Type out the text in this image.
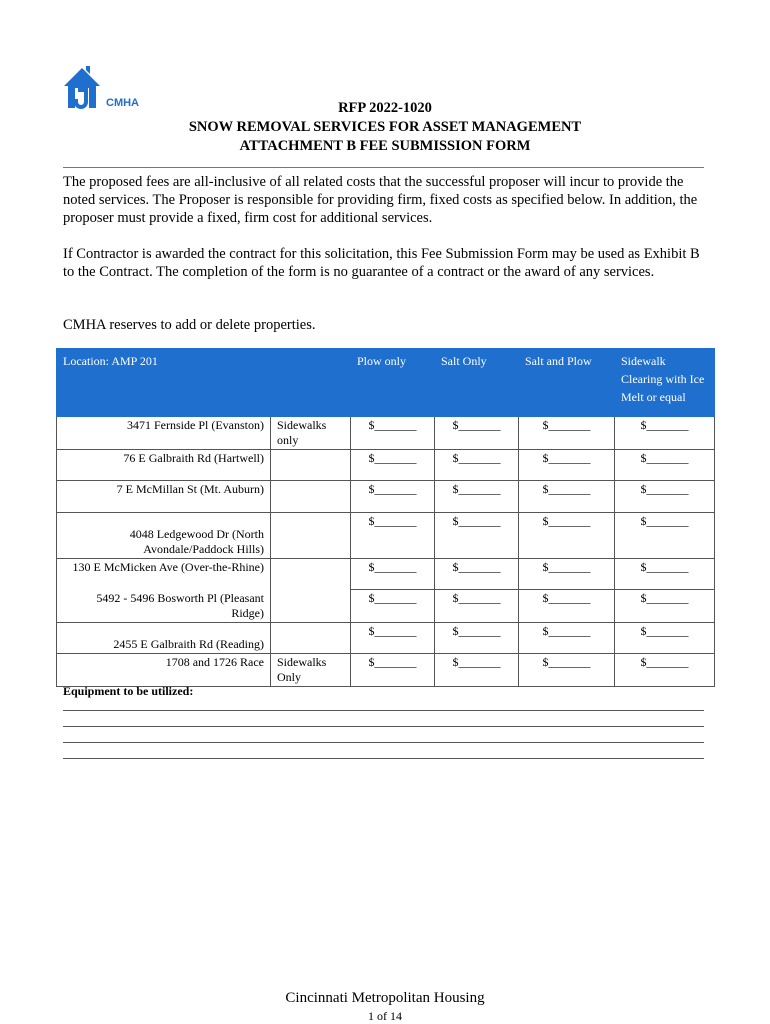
CMHA	RFP 2022-1020
SNOW REMOVAL SERVICES FOR ASSET MANAGEMENT
ATTACHMENT B FEE SUBMISSION FORM
The proposed fees are all-inclusive of all related costs that the successful proposer will incur to provide the noted services. The Proposer is responsible for providing firm, fixed costs as specified below. In addition, the proposer must provide a fixed, firm cost for additional services.
If Contractor is awarded the contract for this solicitation, this Fee Submission Form may be used as Exhibit B to the Contract. The completion of the form is no guarantee of a contract or the award of any services.
CMHA reserves to add or delete properties.
Location: AMP 201		Plow only	Salt Only	Salt and Plow	Sidewalk Clearing with Ice Melt or equal
3471 Fernside Pl (Evanston)	Sidewalks only	$_______	$_______	$_______	$_______
76 E Galbraith Rd (Hartwell)		$_______	$_______	$_______	$_______
7 E McMillan St (Mt. Auburn)		$_______	$_______	$_______	$_______
4048 Ledgewood Dr (North Avondale/Paddock Hills)		$_______	$_______	$_______	$_______
130 E McMicken Ave (Over-the-Rhine)		$_______	$_______	$_______	$_______
5492 - 5496 Bosworth Pl (Pleasant Ridge)		$_______	$_______	$_______	$_______
2455 E Galbraith Rd (Reading)		$_______	$_______	$_______	$_______
1708 and 1726 Race	Sidewalks Only	$_______	$_______	$_______	$_______
Equipment to be utilized:
Cincinnati Metropolitan Housing
1 of 14
